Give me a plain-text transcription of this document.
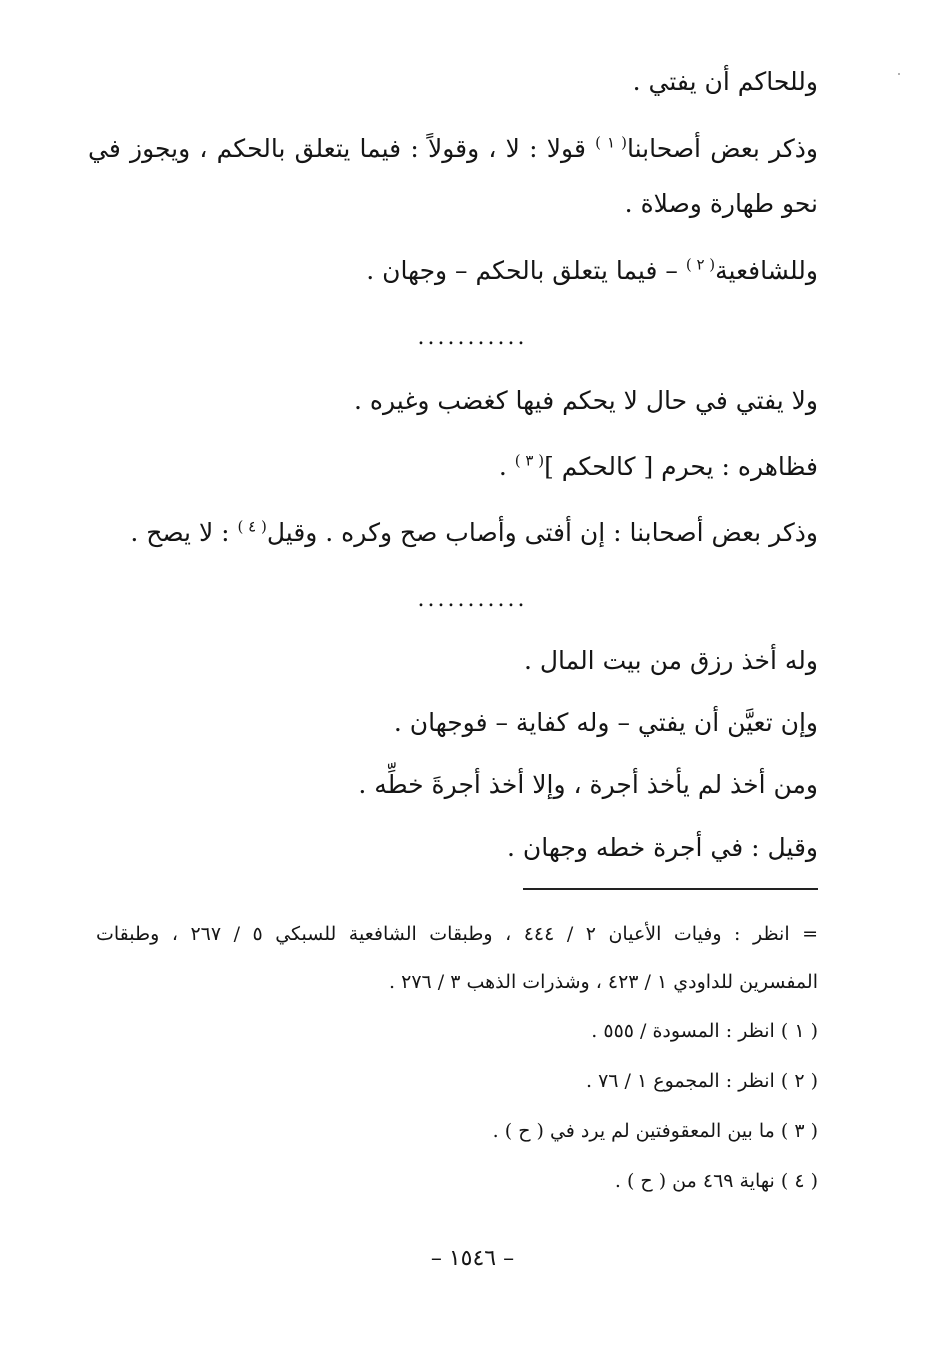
وللحاكم أن يفتي .
وذكر بعض أصحابنا$^{( ١ )}$ قولا : لا ، وقولاً : فيما يتعلق بالحكم ، ويجوز في
نحو طهارة وصلاة .
وللشافعية$^{( ٢ )}$ – فيما يتعلق بالحكم – وجهان .
...........
ولا يفتي في حال لا يحكم فيها كغضب وغيره .
فظاهره : يحرم [ كالحكم ]$^{( ٣ )}$ .
وذكر بعض أصحابنا : إن أفتى وأصاب صح وكره . وقيل$^{( ٤ )}$ : لا يصح .
...........
وله أخذ رزق من بيت المال .
وإن تعيَّن أن يفتي – وله كفاية – فوجهان .
ومن أخذ لم يأخذ أجرة ، وإلا أخذ أجرةَ خطِّه .
وقيل : في أجرة خطه وجهان .
= انظر : وفيات الأعيان ٢ / ٤٤٤ ، وطبقات الشافعية للسبكي ٥ / ٢٦٧ ، وطبقات
المفسرين للداودي ١ / ٤٢٣ ، وشذرات الذهب ٣ / ٢٧٦ .
( ١ ) انظر : المسودة / ٥٥٥ .
( ٢ ) انظر : المجموع ١ / ٧٦ .
( ٣ ) ما بين المعقوفتين لم يرد في ( ح ) .
( ٤ ) نهاية ٤٦٩ من ( ح ) .
– ١٥٤٦ –
